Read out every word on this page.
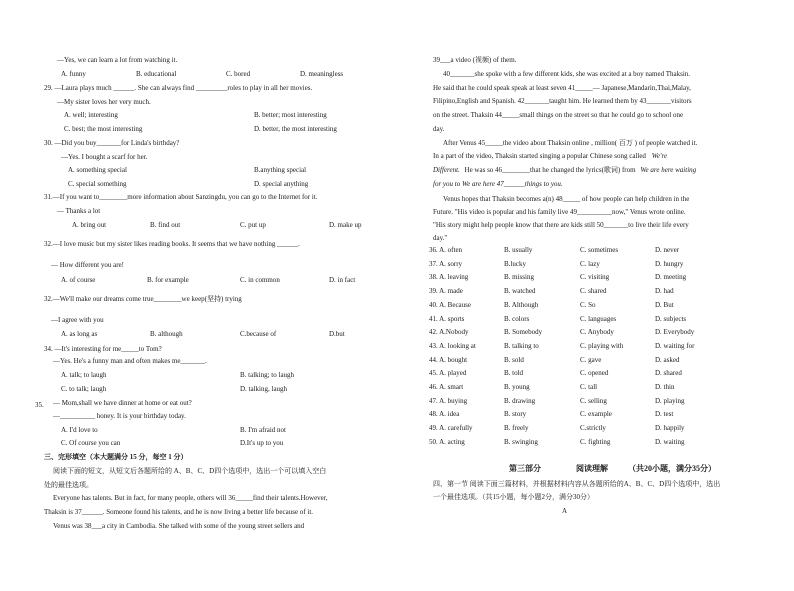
—Yes, we can learn a lot from watching it.
A. funny	B. educational	C. bored	D. meaningless
29. —Laura plays much ______. She can always find _________roles to play in all her movies.
—My sister loves her very much.
A. well; interesting	B. better; most interesting
C. best; the most interesting	D. better, the most interesting
30. —Did you buy_______for Linda's birthday?
—Yes. I bought a scarf for her.
A. something special	B.anything special
C. special something	D. special anything
31.—If you want to________more information about Sanzingdu, you can go to the Internet for it.
— Thanks a lot
A. bring out	B. find out	C. put up	D. make up
32.—I love music but my sister likes reading books. It seems that we have nothing ______.
— How different you are!
A. of course	B. for example	C. in common	D. in fact
32.—We'll make our dreams come true________we keep(坚持) trying
—I agree with you
A. as long as	B. although	C.because of	D.but
34. —It's interesting for me_____to Tom?
—Yes. He's a funny man and often makes me_______.
A. talk; to laugh	B. talking; to laugh
C. to talk; laugh	D. talking, laugh
35. — Mom,shall we have dinner at home or eat out?
—__________ honey. It is your birthday today.
A. I'd love to	B. I'm afraid not
C. Of course you can	D.It's up to you
三、完形填空（本大题满分 15 分，每空 1 分）
阅读下面的短文，从短文后各题所给的 A、B、C、D四个选项中，选出一个可以填入空白
处的最佳选项。
Everyone has talents. But in fact, for many people, others will 36_____find their talents.However,
Thaksin is 37______. Someone found his talents, and he is now living a better life because of it.
Venus was 38___a city in Cambodia. She talked with some of the young street sellers and
39___a video (视频) of them.
40_______she spoke with a few different kids, she was excited at a boy named Thaksin.
He said that he could speak speak at least seven 41_____— Japanese,Mandarin,Thai,Malay,
Filipino,English and Spanish. 42_______taught him. He learned them by 43_______visitors
on the street. Thaksin 44_____small things on the street so that he could go to school one
day.
After Venus 45_____the video about Thaksin online , million( 百万 ) of people watched it.
In a part of the video, Thaksin started singing a popular Chinese song called We're
Different. He was so 46________that he changed the lyrics(歌词) from We are here waiting
for you to We are here 47______things to you.
Venus hopes that Thaksin becomes a(n) 48_____ of how people can help children in the
Future. "His video is popular and his family live 49__________now," Venus wrote online.
"His story might help people know that there are kids still 50_______to live their life every
day."
36. A. often	B. usually	C. sometimes	D. never
37. A. sorry	B.lucky	C. lazy	D. hungry
38. A. leaving	B. missing	C. visiting	D. meeting
39. A. made	B. watched	C. shared	D. had
40. A. Because	B. Although	C. So	D. But
41. A. sports	B. colors	C. languages	D. subjects
42. A.Nobody	B. Somebody	C. Anybody	D. Everybody
43. A. looking at	B. talking to	C. playing with	D. waiting for
44. A. bought	B. sold	C. gave	D. asked
45. A. played	B. told	C. opened	D. shared
46. A. smart	B. young	C. tall	D. thin
47. A. buying	B. drawing	C. selling	D. playing
48. A. idea	B. story	C. example	D. test
49. A. carefully	B. freely	C.strictly	D. happily
50. A. acting	B. swinging	C. fighting	D. waiting
第三部分	阅读理解	（共20小题，满分35分）
四、第一节 阅读下面三篇材料，并根据材料内容从各题所给的A、B、C、D四个选项中，选出
一个最佳选项。（共15小题，每小题2分，满分30分）
A
